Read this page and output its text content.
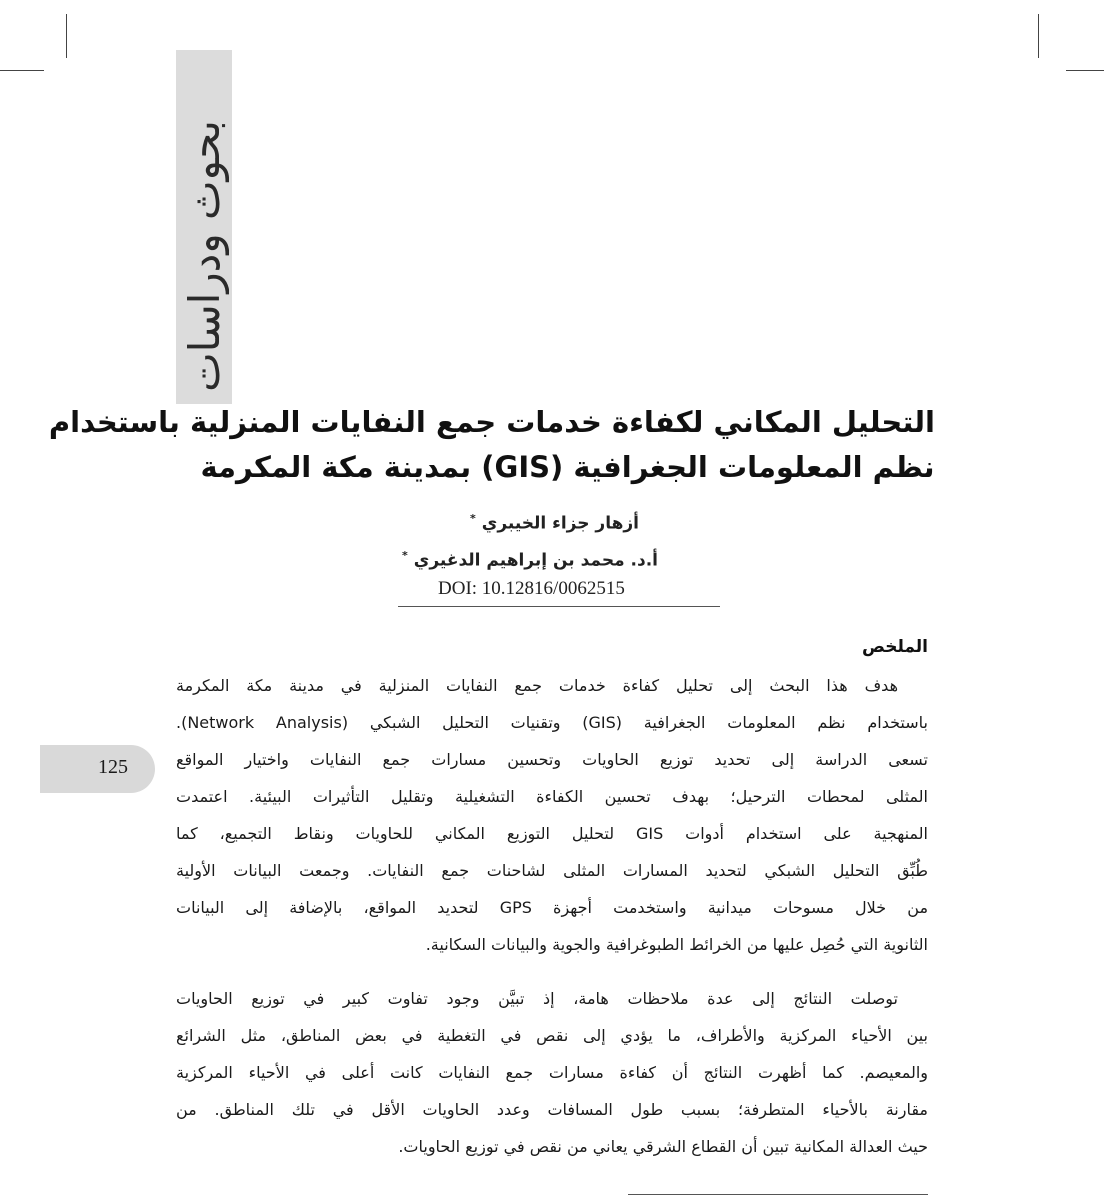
بحوث ودراسات
التحليل المكاني لكفاءة خدمات جمع النفايات المنزلية باستخدام
نظم المعلومات الجغرافية (GIS) بمدينة مكة المكرمة
أزهار جزاء الخيبري*
أ.د. محمد بن إبراهيم الدغيري*
DOI: 10.12816/0062515
الملخص
هدف هذا البحث إلى تحليل كفاءة خدمات جمع النفايات المنزلية في مدينة مكة المكرمة
باستخدام نظم المعلومات الجغرافية (GIS) وتقنيات التحليل الشبكي (Network Analysis).
تسعى الدراسة إلى تحديد توزيع الحاويات وتحسين مسارات جمع النفايات واختيار المواقع
المثلى لمحطات الترحيل؛ بهدف تحسين الكفاءة التشغيلية وتقليل التأثيرات البيئية. اعتمدت
المنهجية على استخدام أدوات GIS لتحليل التوزيع المكاني للحاويات ونقاط التجميع، كما
طُبِّق التحليل الشبكي لتحديد المسارات المثلى لشاحنات جمع النفايات. وجمعت البيانات الأولية
من خلال مسوحات ميدانية واستخدمت أجهزة GPS لتحديد المواقع، بالإضافة إلى البيانات
الثانوية التي حُصِل عليها من الخرائط الطبوغرافية والجوية والبيانات السكانية.
توصلت النتائج إلى عدة ملاحظات هامة، إذ تبيَّن وجود تفاوت كبير في توزيع الحاويات
بين الأحياء المركزية والأطراف، ما يؤدي إلى نقص في التغطية في بعض المناطق، مثل الشرائع
والمعيصم. كما أظهرت النتائج أن كفاءة مسارات جمع النفايات كانت أعلى في الأحياء المركزية
مقارنة بالأحياء المتطرفة؛ بسبب طول المسافات وعدد الحاويات الأقل في تلك المناطق. من
حيث العدالة المكانية تبين أن القطاع الشرقي يعاني من نقص في توزيع الحاويات.
125
